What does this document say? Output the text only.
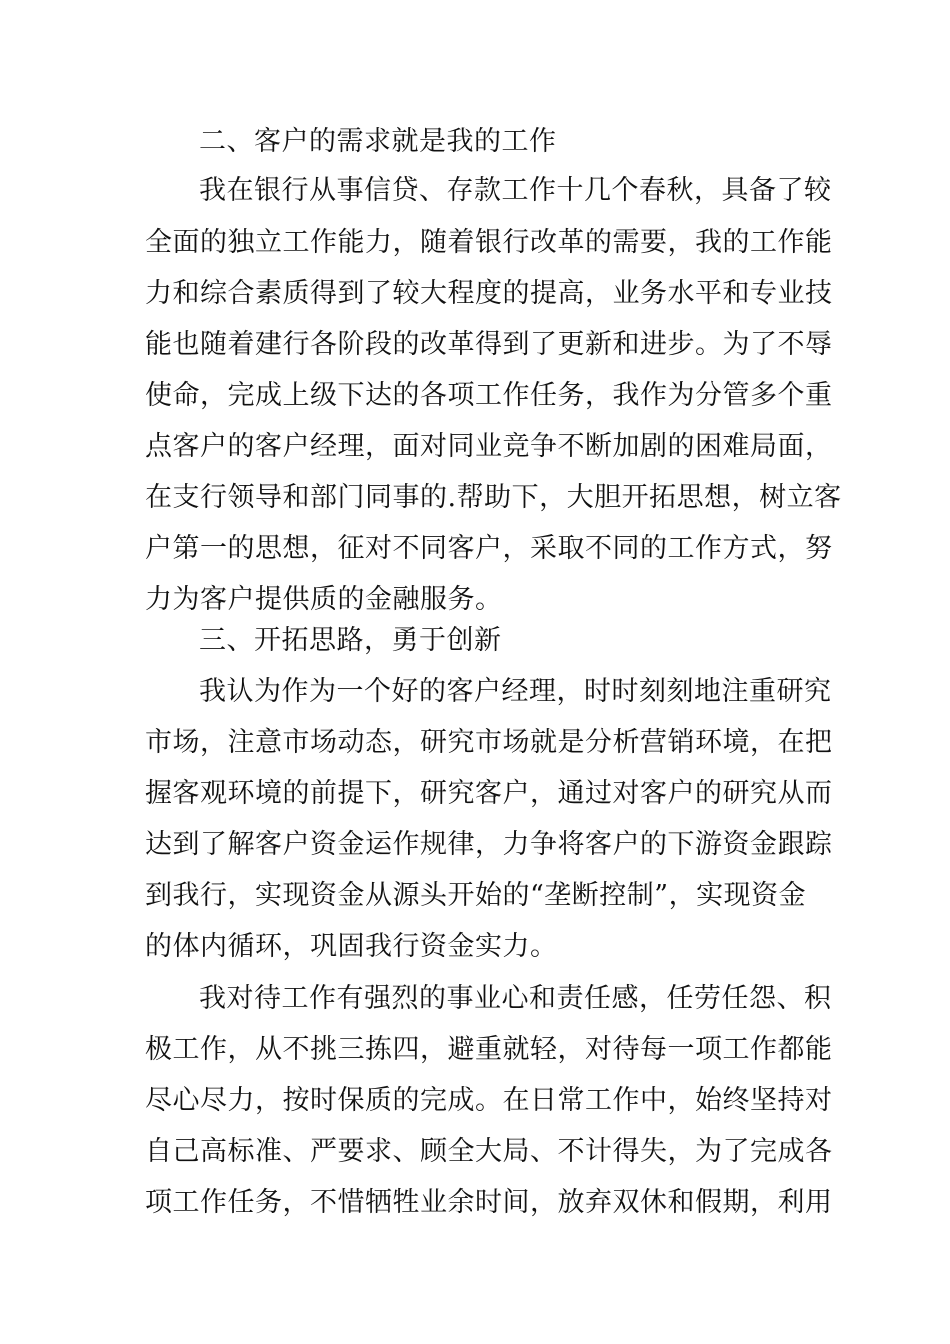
二、客户的需求就是我的工作
我在银行从事信贷、存款工作十几个春秋，具备了较
全面的独立工作能力，随着银行改革的需要，我的工作能
力和综合素质得到了较大程度的提高，业务水平和专业技
能也随着建行各阶段的改革得到了更新和进步。为了不辱
使命，完成上级下达的各项工作任务，我作为分管多个重
点客户的客户经理，面对同业竞争不断加剧的困难局面，
在支行领导和部门同事的.帮助下，大胆开拓思想，树立客
户第一的思想，征对不同客户，采取不同的工作方式，努
力为客户提供质的金融服务。
三、开拓思路，勇于创新
我认为作为一个好的客户经理，时时刻刻地注重研究
市场，注意市场动态，研究市场就是分析营销环境，在把
握客观环境的前提下，研究客户，通过对客户的研究从而
达到了解客户资金运作规律，力争将客户的下游资金跟踪
到我行，实现资金从源头开始的“垄断控制”，实现资金
的体内循环，巩固我行资金实力。
我对待工作有强烈的事业心和责任感，任劳任怨、积
极工作，从不挑三拣四，避重就轻，对待每一项工作都能
尽心尽力，按时保质的完成。在日常工作中，始终坚持对
自己高标准、严要求、顾全大局、不计得失，为了完成各
项工作任务，不惜牺牲业余时间，放弃双休和假期，利用
